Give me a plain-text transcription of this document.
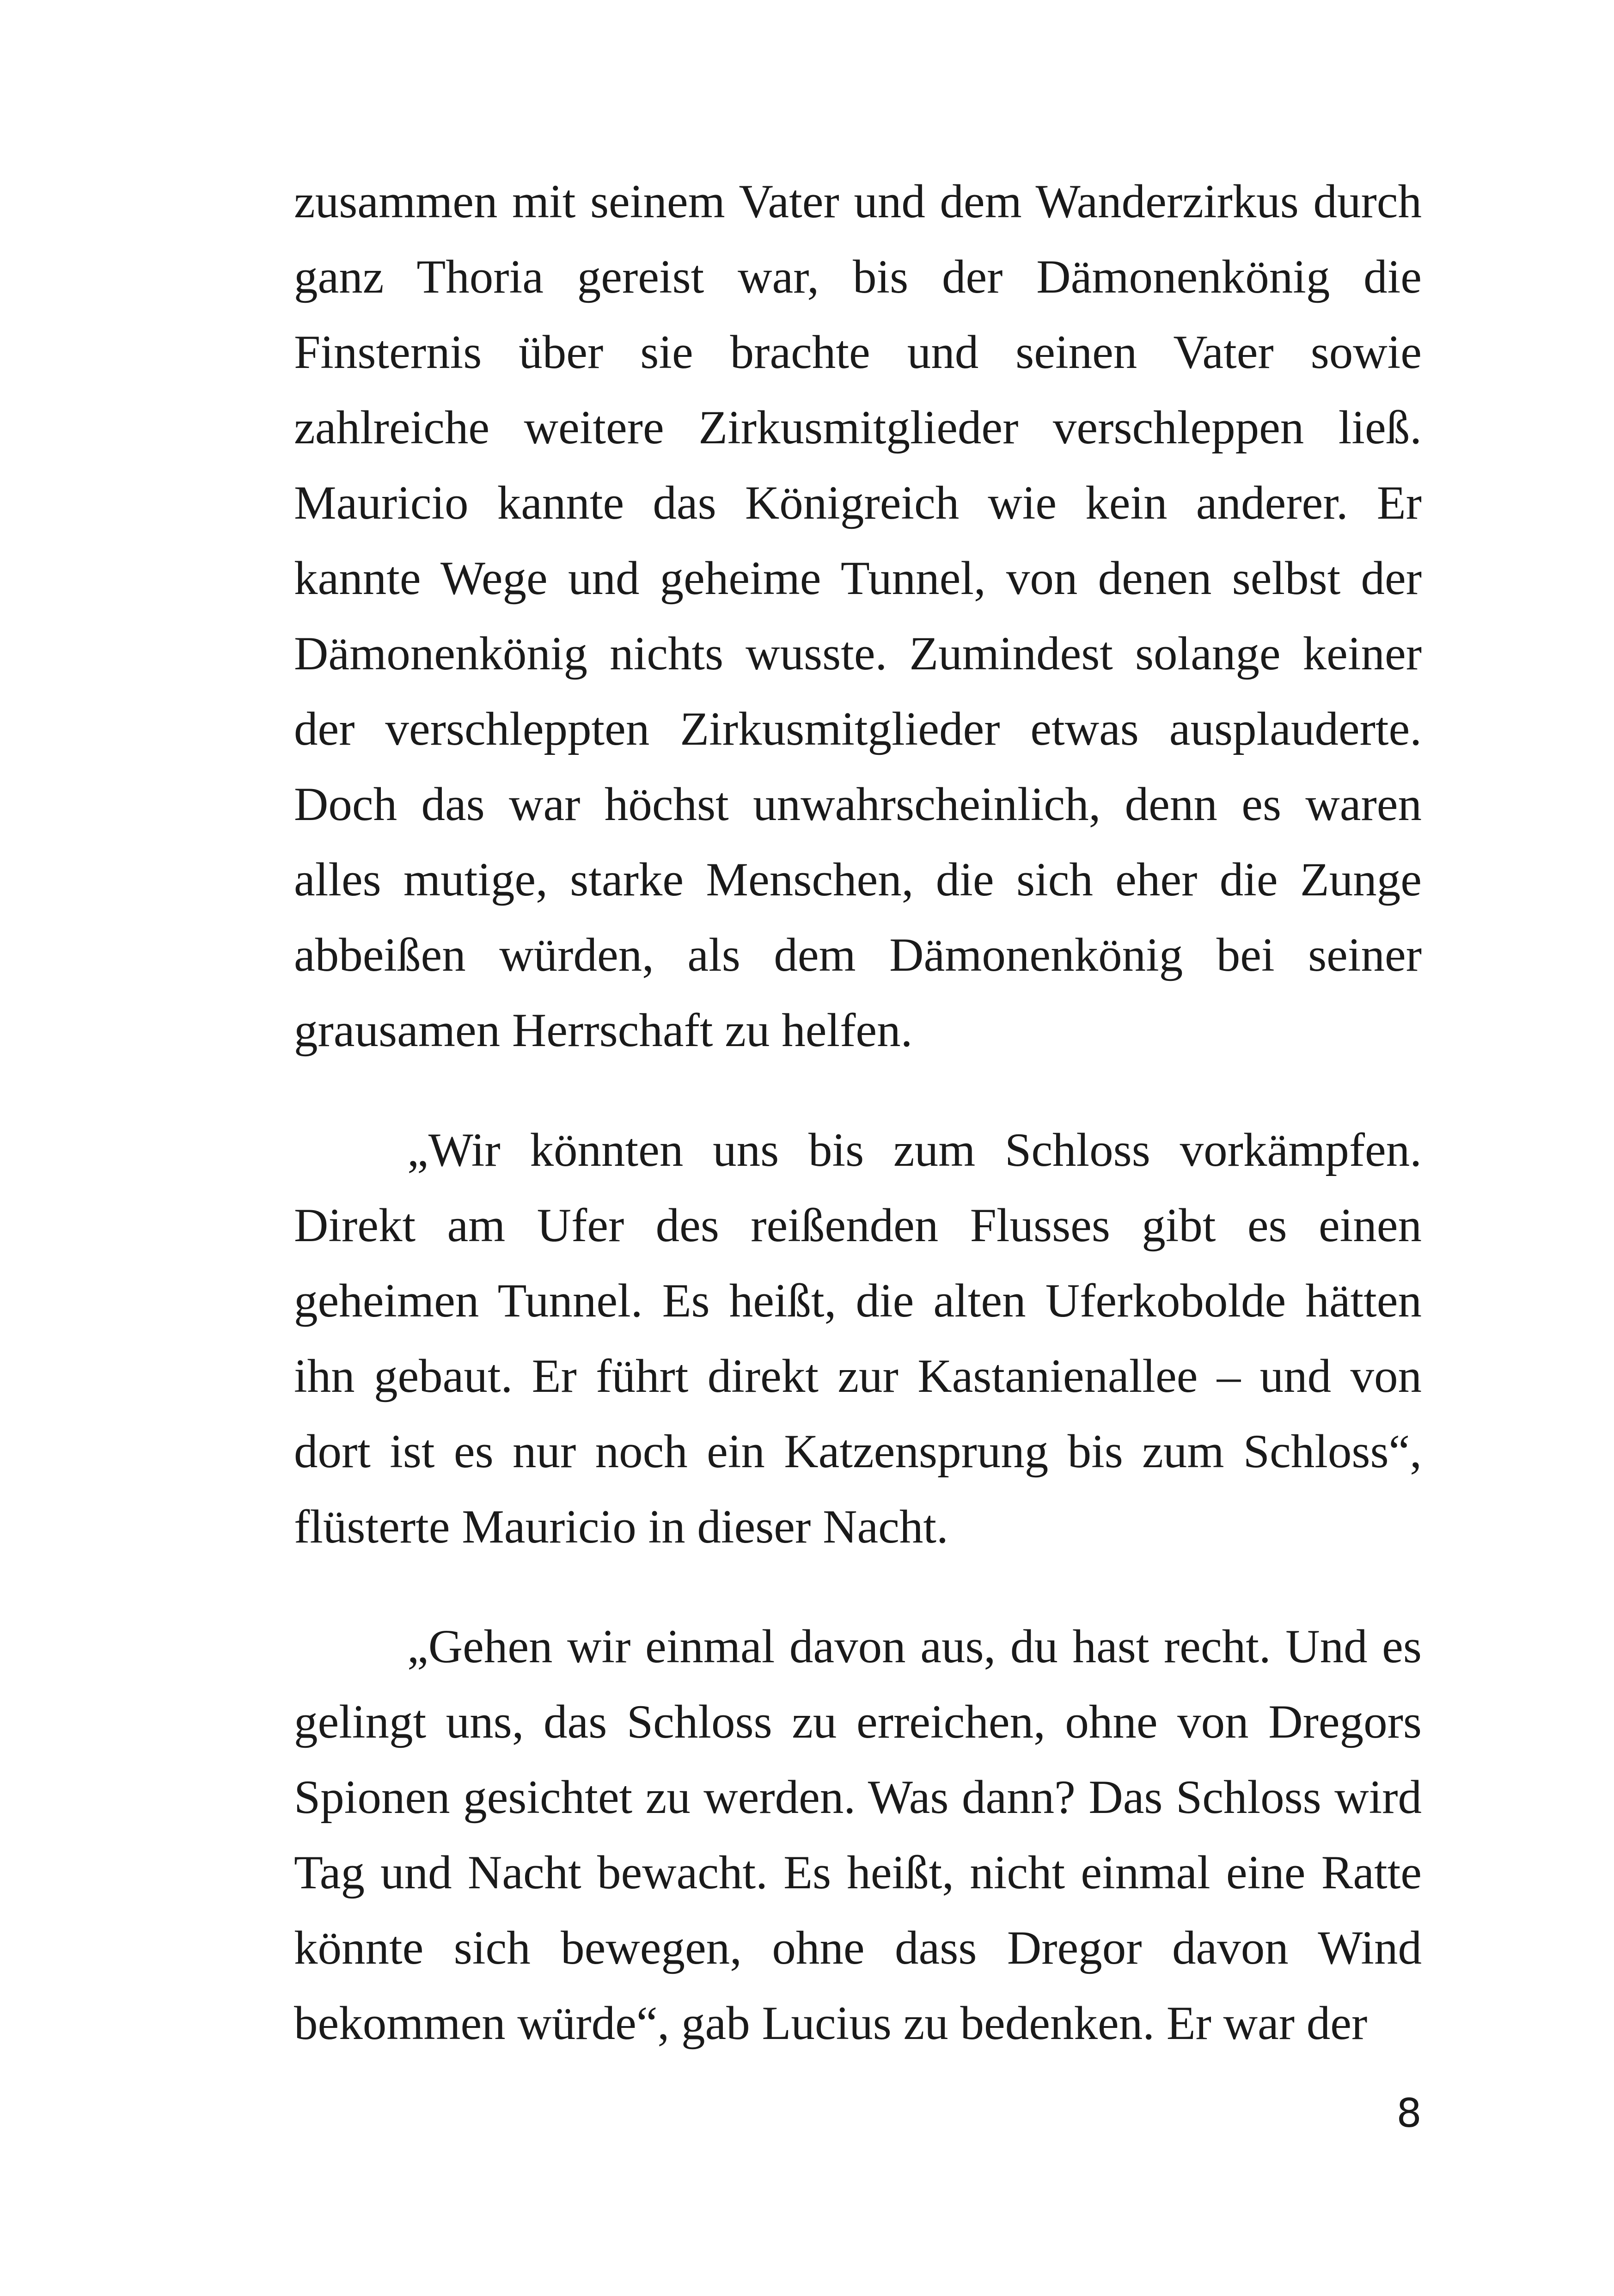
zusammen mit seinem Vater und dem Wanderzirkus durch ganz Thoria gereist war, bis der Dämonenkönig die Finsternis über sie brachte und seinen Vater sowie zahlreiche weitere Zirkusmitglieder verschleppen ließ. Mauricio kannte das Königreich wie kein anderer. Er kannte Wege und geheime Tunnel, von denen selbst der Dämonenkönig nichts wusste. Zumindest solange keiner der verschleppten Zirkusmitglieder etwas ausplauderte. Doch das war höchst unwahrscheinlich, denn es waren alles mutige, starke Menschen, die sich eher die Zunge abbeißen würden, als dem Dämonenkönig bei seiner grausamen Herrschaft zu helfen.

„Wir könnten uns bis zum Schloss vorkämpfen. Direkt am Ufer des reißenden Flusses gibt es einen geheimen Tunnel. Es heißt, die alten Uferkobolde hätten ihn gebaut. Er führt direkt zur Kastanienallee – und von dort ist es nur noch ein Katzensprung bis zum Schloss“, flüsterte Mauricio in dieser Nacht.

„Gehen wir einmal davon aus, du hast recht. Und es gelingt uns, das Schloss zu erreichen, ohne von Dregors Spionen gesichtet zu werden. Was dann? Das Schloss wird Tag und Nacht bewacht. Es heißt, nicht einmal eine Ratte könnte sich bewegen, ohne dass Dregor davon Wind bekommen würde“, gab Lucius zu bedenken. Er war der

8
